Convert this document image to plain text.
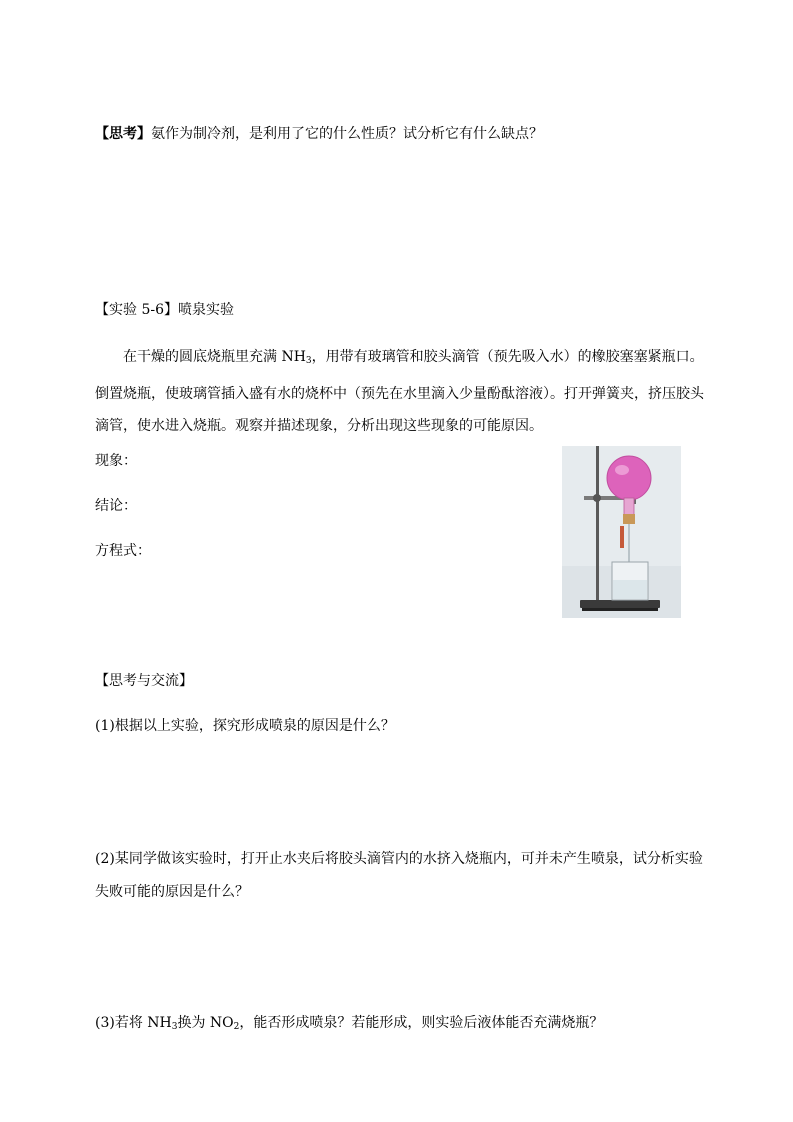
【思考】氨作为制冷剂，是利用了它的什么性质？试分析它有什么缺点？
【实验 5-6】喷泉实验
在干燥的圆底烧瓶里充满 $NH_3$，用带有玻璃管和胶头滴管（预先吸入水）的橡胶塞塞紧瓶口。倒置烧瓶，使玻璃管插入盛有水的烧杯中（预先在水里滴入少量酚酞溶液）。打开弹簧夹，挤压胶头滴管，使水进入烧瓶。观察并描述现象，分析出现这些现象的可能原因。
现象：
结论：
方程式：
【思考与交流】
(1)根据以上实验，探究形成喷泉的原因是什么？
(2)某同学做该实验时，打开止水夹后将胶头滴管内的水挤入烧瓶内，可并未产生喷泉，试分析实验失败可能的原因是什么？
(3)若将 $NH_3$换为 $NO_2$，能否形成喷泉？若能形成，则实验后液体能否充满烧瓶？
